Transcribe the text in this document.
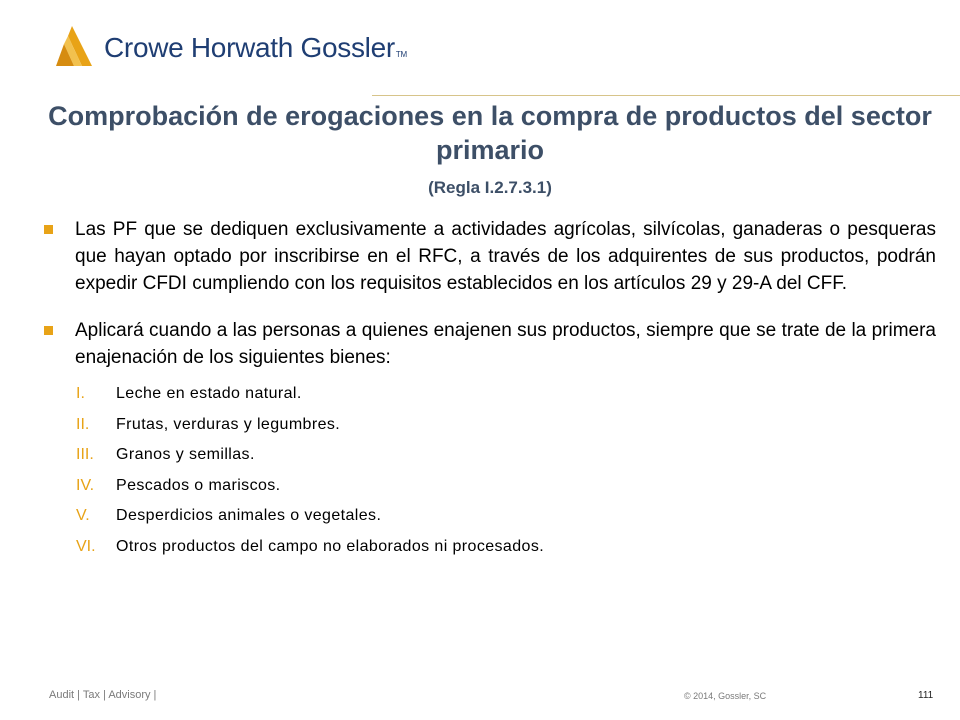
Crowe Horwath GosslerTM
Comprobación de erogaciones en la compra de productos del sector primario
(Regla I.2.7.3.1)
Las PF que se dediquen exclusivamente a actividades agrícolas, silvícolas, ganaderas o pesqueras que hayan optado por inscribirse en el RFC, a través de los adquirentes de sus productos, podrán expedir CFDI cumpliendo con los requisitos establecidos en los artículos 29 y 29-A del CFF.
Aplicará cuando a las personas a quienes enajenen sus productos, siempre que se trate de la primera enajenación de los siguientes bienes:
I.	Leche en estado natural.
II.	Frutas, verduras y legumbres.
III.	Granos y semillas.
IV.	Pescados o mariscos.
V.	Desperdicios animales o vegetales.
VI.	Otros productos del campo no elaborados ni procesados.
Audit | Tax | Advisory |	© 2014, Gossler, SC	111
